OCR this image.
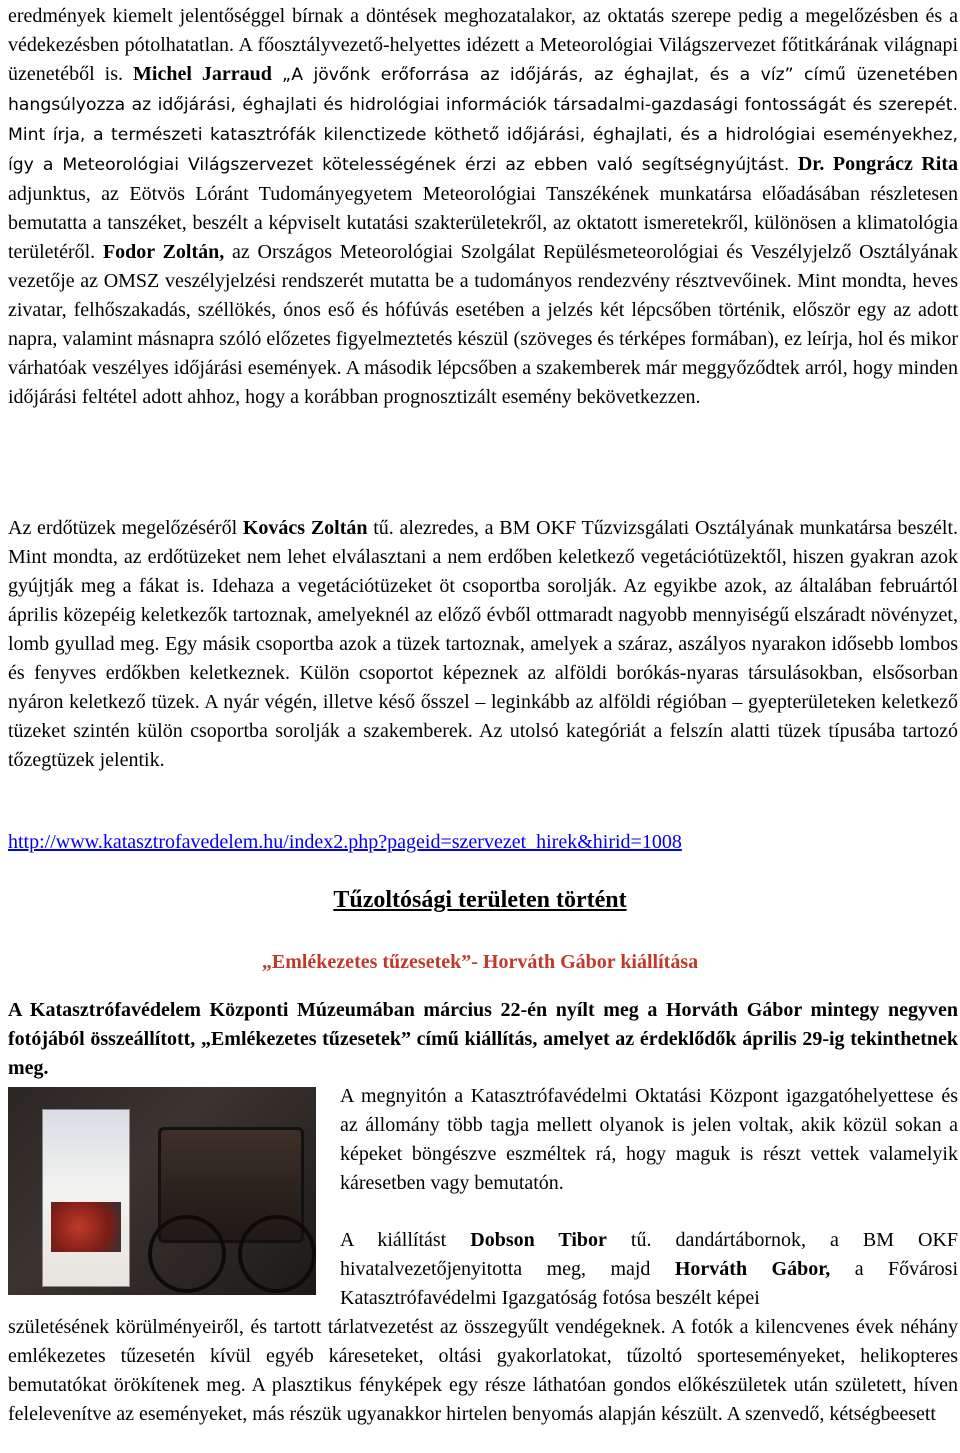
eredmények kiemelt jelentőséggel bírnak a döntések meghozatalakor, az oktatás szerepe pedig a megelőzésben és a védekezésben pótolhatatlan. A főosztályvezető-helyettes idézett a Meteorológiai Világszervezet főtitkárának világnapi üzenetéből is. Michel Jarraud „A jövőnk erőforrása az időjárás, az éghajlat, és a víz” című üzenetében hangsúlyozza az időjárási, éghajlati és hidrológiai információk társadalmi-gazdasági fontosságát és szerepét. Mint írja, a természeti katasztrófák kilenctizede köthető időjárási, éghajlati, és a hidrológiai eseményekhez, így a Meteorológiai Világszervezet kötelességének érzi az ebben való segítségnyújtást. Dr. Pongrácz Rita adjunktus, az Eötvös Lóránt Tudományegyetem Meteorológiai Tanszékének munkatársa előadásában részletesen bemutatta a tanszéket, beszélt a képviselt kutatási szakterületekről, az oktatott ismeretekről, különösen a klimatológia területéről. Fodor Zoltán, az Országos Meteorológiai Szolgálat Repülésmeteorológiai és Veszélyjelző Osztályának vezetője az OMSZ veszélyjelzési rendszerét mutatta be a tudományos rendezvény résztvevőinek. Mint mondta, heves zivatar, felhőszakadás, széllökés, ónos eső és hófúvás esetében a jelzés két lépcsőben történik, először egy az adott napra, valamint másnapra szóló előzetes figyelmeztetés készül (szöveges és térképes formában), ez leírja, hol és mikor várhatóak veszélyes időjárási események. A második lépcsőben a szakemberek már meggyőződtek arról, hogy minden időjárási feltétel adott ahhoz, hogy a korábban prognosztizált esemény bekövetkezzen.
Az erdőtüzek megelőzéséről Kovács Zoltán tű. alezredes, a BM OKF Tűzvizsgálati Osztályának munkatársa beszélt. Mint mondta, az erdőtüzeket nem lehet elválasztani a nem erdőben keletkező vegetációtüzektől, hiszen gyakran azok gyújtják meg a fákat is. Idehaza a vegetációtüzeket öt csoportba sorolják. Az egyikbe azok, az általában februártól április közepéig keletkezők tartoznak, amelyeknél az előző évből ottmaradt nagyobb mennyiségű elszáradt növényzet, lomb gyullad meg. Egy másik csoportba azok a tüzek tartoznak, amelyek a száraz, aszályos nyarakon idősebb lombos és fenyves erdőkben keletkeznek. Külön csoportot képeznek az alföldi borókás-nyaras társulásokban, elsősorban nyáron keletkező tüzek. A nyár végén, illetve késő ősszel – leginkább az alföldi régióban – gyepterületeken keletkező tüzeket szintén külön csoportba sorolják a szakemberek. Az utolsó kategóriát a felszín alatti tüzek típusába tartozó tőzegtüzek jelentik.
http://www.katasztrofavedelem.hu/index2.php?pageid=szervezet_hirek&hirid=1008
Tűzoltósági területen történt
„Emlékezetes tűzesetek”- Horváth Gábor kiállítása
A Katasztrófavédelem Központi Múzeumában március 22-én nyílt meg a Horváth Gábor mintegy negyven fotójából összeállított, „Emlékezetes tűzesetek” című kiállítás, amelyet az érdeklődők április 29-ig tekinthetnek meg.
A megnyitón a Katasztrófavédelmi Oktatási Központ igazgatóhelyettese és az állomány több tagja mellett olyanok is jelen voltak, akik közül sokan a képeket böngészve eszméltek rá, hogy maguk is részt vettek valamelyik káresetben vagy bemutatón.
A kiállítást Dobson Tibor tű. dandártábornok, a BM OKF hivatalvezetőjenyitotta meg, majd Horváth Gábor, a Fővárosi Katasztrófavédelmi Igazgatóság fotósa beszélt képei
születésének körülményeiről, és tartott tárlatvezetést az összegyűlt vendégeknek. A fotók a kilencvenes évek néhány emlékezetes tűzesetén kívül egyéb káreseteket, oltási gyakorlatokat, tűzoltó sporteseményeket, helikopteres bemutatókat örökítenek meg. A plasztikus fényképek egy része láthatóan gondos előkészületek után született, híven felelevenítve az eseményeket, más részük ugyanakkor hirtelen benyomás alapján készült. A szenvedő, kétségbeesett
